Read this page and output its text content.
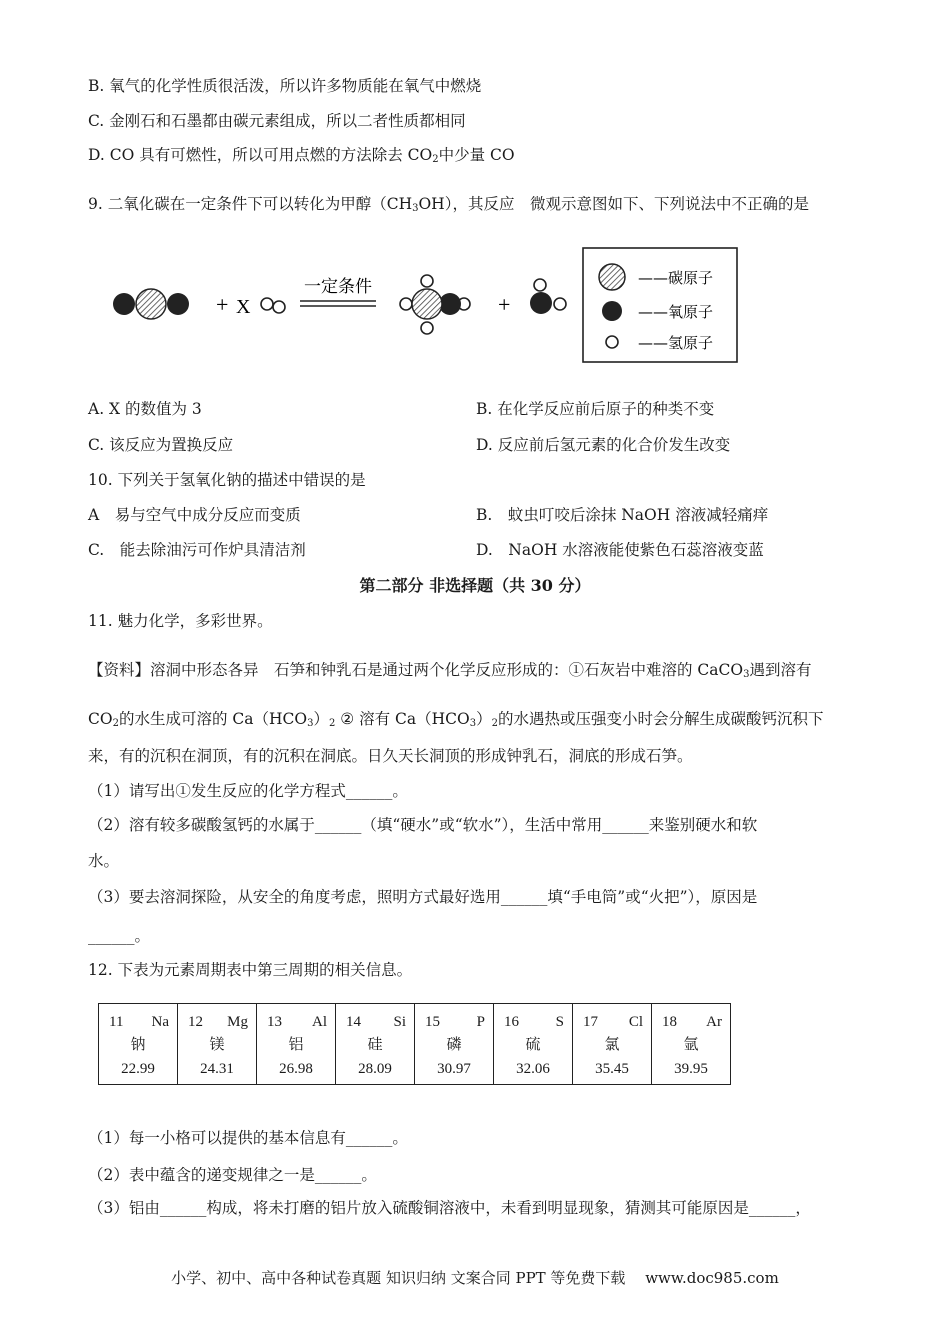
B. 氧气的化学性质很活泼，所以许多物质能在氧气中燃烧
C. 金刚石和石墨都由碳元素组成，所以二者性质都相同
D. CO 具有可燃性，所以可用点燃的方法除去 $CO_2$中少量 CO
9. 二氧化碳在一定条件下可以转化为甲醇$(CH_3OH)$，其反应　微观示意图如下、下列说法中不正确的是
+ X
一定条件
+
——碳原子
——氧原子
——氢原子
A. X 的数值为 3	B. 在化学反应前后原子的种类不变
C. 该反应为置换反应	D. 反应前后氢元素的化合价发生改变
10. 下列关于氢氧化钠的描述中错误的是
A　易与空气中成分反应而变质	B.　蚊虫叮咬后涂抹 NaOH 溶液减轻痛痒
C.　能去除油污可作炉具清洁剂	D.　NaOH 水溶液能使紫色石蕊溶液变蓝
第二部分 非选择题（共 30 分）
11. 魅力化学，多彩世界。
【资料】溶洞中形态各异　石笋和钟乳石是通过两个化学反应形成的：①石灰岩中难溶的 CaCO$_3$遇到溶有
$CO_2$的水生成可溶的 $Ca(HCO_3)_2$ ② 溶有 $Ca(HCO_3)_2$的水遇热或压强变小时会分解生成碳酸钙沉积下
来，有的沉积在洞顶，有的沉积在洞底。日久天长洞顶的形成钟乳石，洞底的形成石笋。
（1）请写出①发生反应的化学方程式______。
（2）溶有较多碳酸氢钙的水属于______（填“硬水”或“软水”），生活中常用______来鉴别硬水和软
水。
（3）要去溶洞探险，从安全的角度考虑，照明方式最好选用______填“手电筒”或“火把”），原因是
______。
12. 下表为元素周期表中第三周期的相关信息。
11 Na
钠
22.99

12 Mg
镁
24.31

13 Al
铝
26.98

14 Si
硅
28.09

15 P
磷
30.97

16 S
硫
32.06

17 Cl
氯
35.45

18 Ar
氩
39.95
（1）每一小格可以提供的基本信息有______。
（2）表中蕴含的递变规律之一是______。
（3）铝由______构成，将未打磨的铝片放入硫酸铜溶液中，未看到明显现象，猜测其可能原因是______，
小学、初中、高中各种试卷真题 知识归纳 文案合同 PPT 等免费下载　 www.doc985.com
